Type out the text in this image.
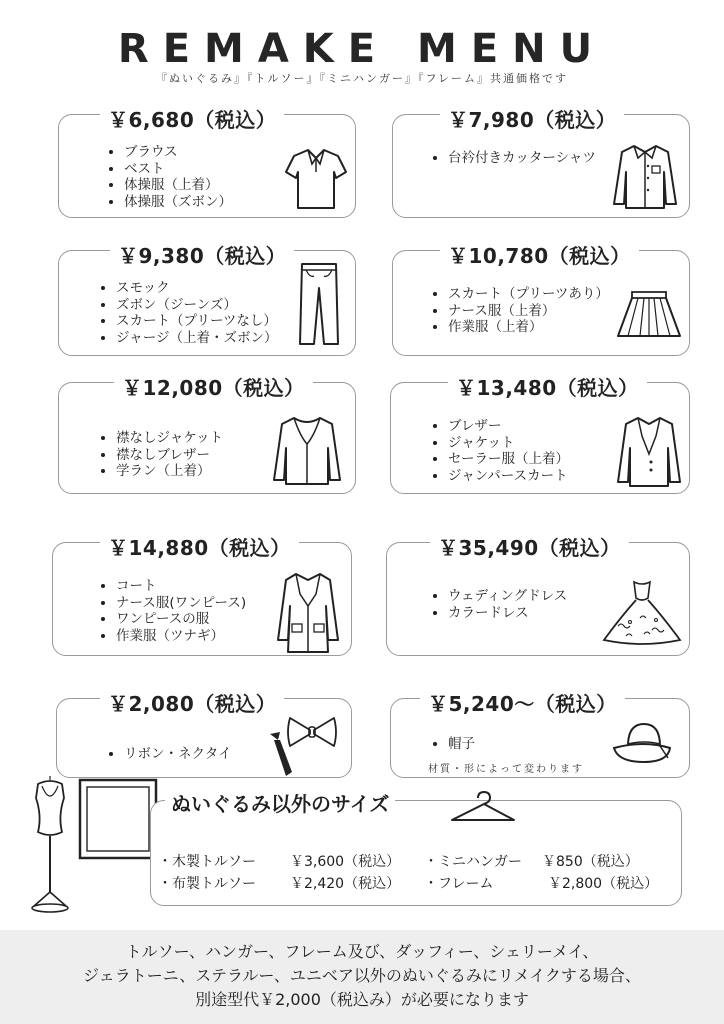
REMAKE MENU
『ぬいぐるみ』『トルソー』『ミニハンガー』『フレーム』共通価格です
￥6,680（税込）
• ブラウス
• ベスト
• 体操服（上着）
• 体操服（ズボン）
￥7,980（税込）
• 台衿付きカッターシャツ
￥9,380（税込）
• スモック
• ズボン（ジーンズ）
• スカート（プリーツなし）
• ジャージ（上着・ズボン）
￥10,780（税込）
• スカート（プリーツあり）
• ナース服（上着）
• 作業服（上着）
￥12,080（税込）
• 襟なしジャケット
• 襟なしブレザー
• 学ラン（上着）
￥13,480（税込）
• ブレザー
• ジャケット
• セーラー服（上着）
• ジャンパースカート
￥14,880（税込）
• コート
• ナース服(ワンピース)
• ワンピースの服
• 作業服（ツナギ）
￥35,490（税込）
• ウェディングドレス
• カラードレス
￥2,080（税込）
• リボン・ネクタイ
￥5,240～（税込）
• 帽子
材質・形によって変わります
ぬいぐるみ以外のサイズ
・木製トルソー ￥3,600（税込） ・ミニハンガー ￥850（税込）
・布製トルソー ￥2,420（税込） ・フレーム	￥2,800（税込）

トルソー、ハンガー、フレーム及び、ダッフィー、シェリーメイ、

ジェラトーニ、ステラルー、ユニベア以外のぬいぐるみにリメイクする場合、

別途型代￥2,000（税込み）が必要になります
